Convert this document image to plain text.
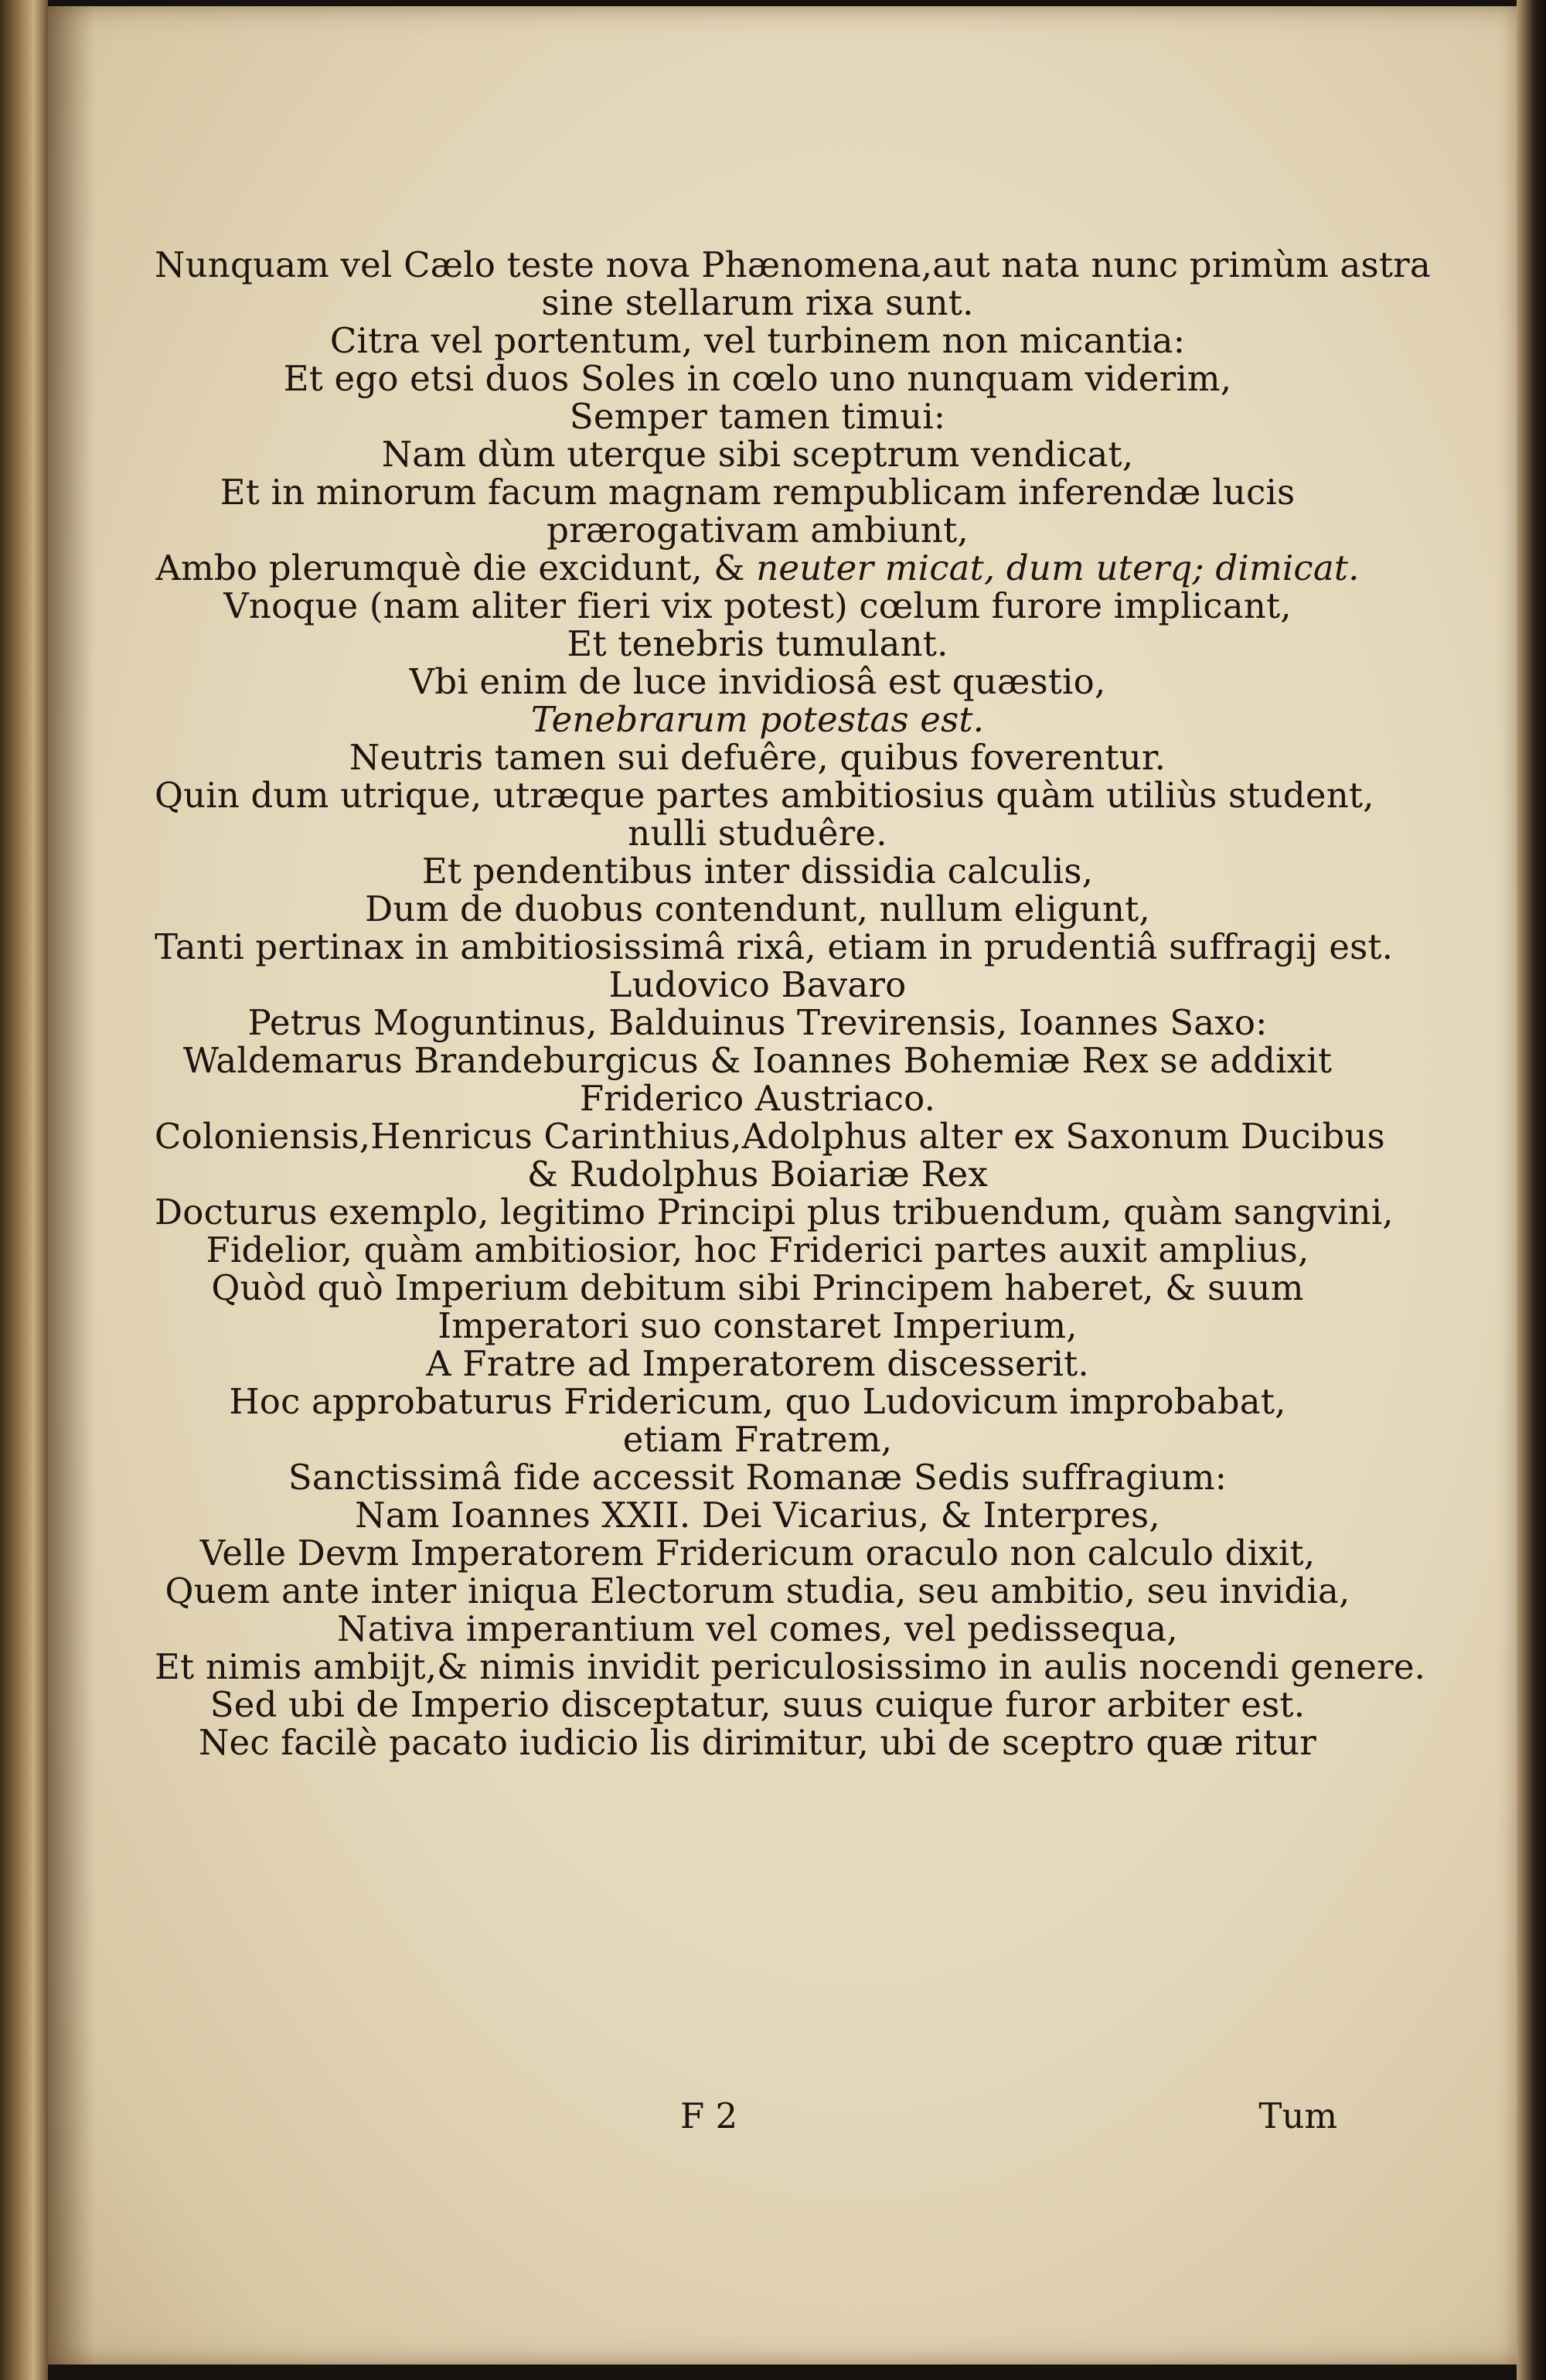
Nunquam vel Cælo teste nova Phænomena,aut nata nunc primùm astra
sine stellarum rixa sunt.
Citra vel portentum, vel turbinem non micantia:
Et ego etsi duos Soles in cœlo uno nunquam viderim,
Semper tamen timui:
Nam dùm uterque sibi sceptrum vendicat,
Et in minorum facum magnam rempublicam inferendæ lucis
prærogativam ambiunt,
Ambo plerumquè die excidunt, & neuter micat, dum uterq; dimicat.
Vnoque (nam aliter fieri vix potest) cœlum furore implicant,
Et tenebris tumulant.
Vbi enim de luce invidiosâ est quæstio,
Tenebrarum potestas est.
Neutris tamen sui defuêre, quibus foverentur.
Quin dum utrique, utræque partes ambitiosius quàm utiliùs student,
nulli studuêre.
Et pendentibus inter dissidia calculis,
Dum de duobus contendunt, nullum eligunt,
Tanti pertinax in ambitiosissimâ rixâ, etiam in prudentiâ suffragij est.
Ludovico Bavaro
Petrus Moguntinus, Balduinus Trevirensis, Ioannes Saxo:
Waldemarus Brandeburgicus & Ioannes Bohemiæ Rex se addixit
Friderico Austriaco.
Coloniensis,Henricus Carinthius,Adolphus alter ex Saxonum Ducibus
& Rudolphus Boiariæ Rex
Docturus exemplo, legitimo Principi plus tribuendum, quàm sangvini,
Fidelior, quàm ambitiosior, hoc Friderici partes auxit amplius,
Quòd quò Imperium debitum sibi Principem haberet, & suum
Imperatori suo constaret Imperium,
A Fratre ad Imperatorem discesserit.
Hoc approbaturus Fridericum, quo Ludovicum improbabat,
etiam Fratrem,
Sanctissimâ fide accessit Romanæ Sedis suffragium:
Nam Ioannes XXII. Dei Vicarius, & Interpres,
Velle Devm Imperatorem Fridericum oraculo non calculo dixit,
Quem ante inter iniqua Electorum studia, seu ambitio, seu invidia,
Nativa imperantium vel comes, vel pedissequa,
Et nimis ambijt,& nimis invidit periculosissimo in aulis nocendi genere.
Sed ubi de Imperio disceptatur, suus cuique furor arbiter est.
Nec facilè pacato iudicio lis dirimitur, ubi de sceptro quæ ritur
F 2	Tum
